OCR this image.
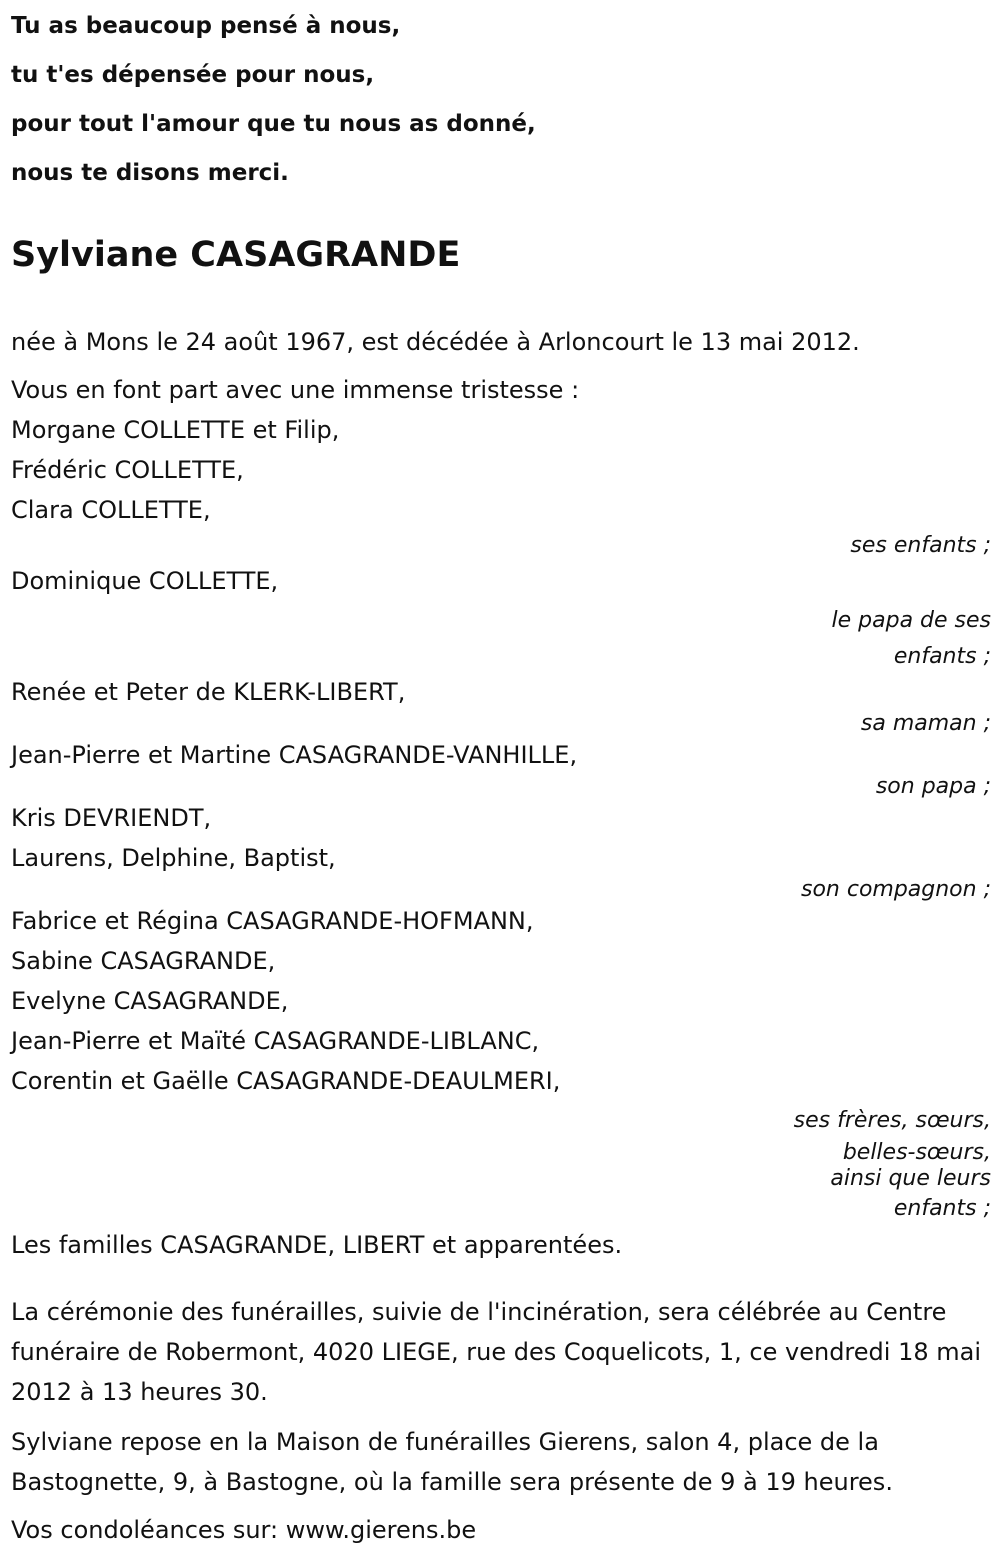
Tu as beaucoup pensé à nous,
tu t'es dépensée pour nous,
pour tout l'amour que tu nous as donné,
nous te disons merci.
Sylviane CASAGRANDE
née à Mons le 24 août 1967, est décédée à Arloncourt le 13 mai 2012.
Vous en font part avec une immense tristesse :
Morgane COLLETTE et Filip,
Frédéric COLLETTE,
Clara COLLETTE,
ses enfants ;
Dominique COLLETTE,
le papa de ses
enfants ;
Renée et Peter de KLERK-LIBERT,
sa maman ;
Jean-Pierre et Martine CASAGRANDE-VANHILLE,
son papa ;
Kris DEVRIENDT,
Laurens, Delphine, Baptist,
son compagnon ;
Fabrice et Régina CASAGRANDE-HOFMANN,
Sabine CASAGRANDE,
Evelyne CASAGRANDE,
Jean-Pierre et Maïté CASAGRANDE-LIBLANC,
Corentin et Gaëlle CASAGRANDE-DEAULMERI,
ses frères, sœurs,
belles-sœurs,
ainsi que leurs
enfants ;
Les familles CASAGRANDE, LIBERT et apparentées.
La cérémonie des funérailles, suivie de l'incinération, sera célébrée au Centre funéraire de Robermont, 4020 LIEGE, rue des Coquelicots, 1, ce vendredi 18 mai 2012 à 13 heures 30.
Sylviane repose en la Maison de funérailles Gierens, salon 4, place de la Bastognette, 9, à Bastogne, où la famille sera présente de 9 à 19 heures.
Vos condoléances sur: www.gierens.be
